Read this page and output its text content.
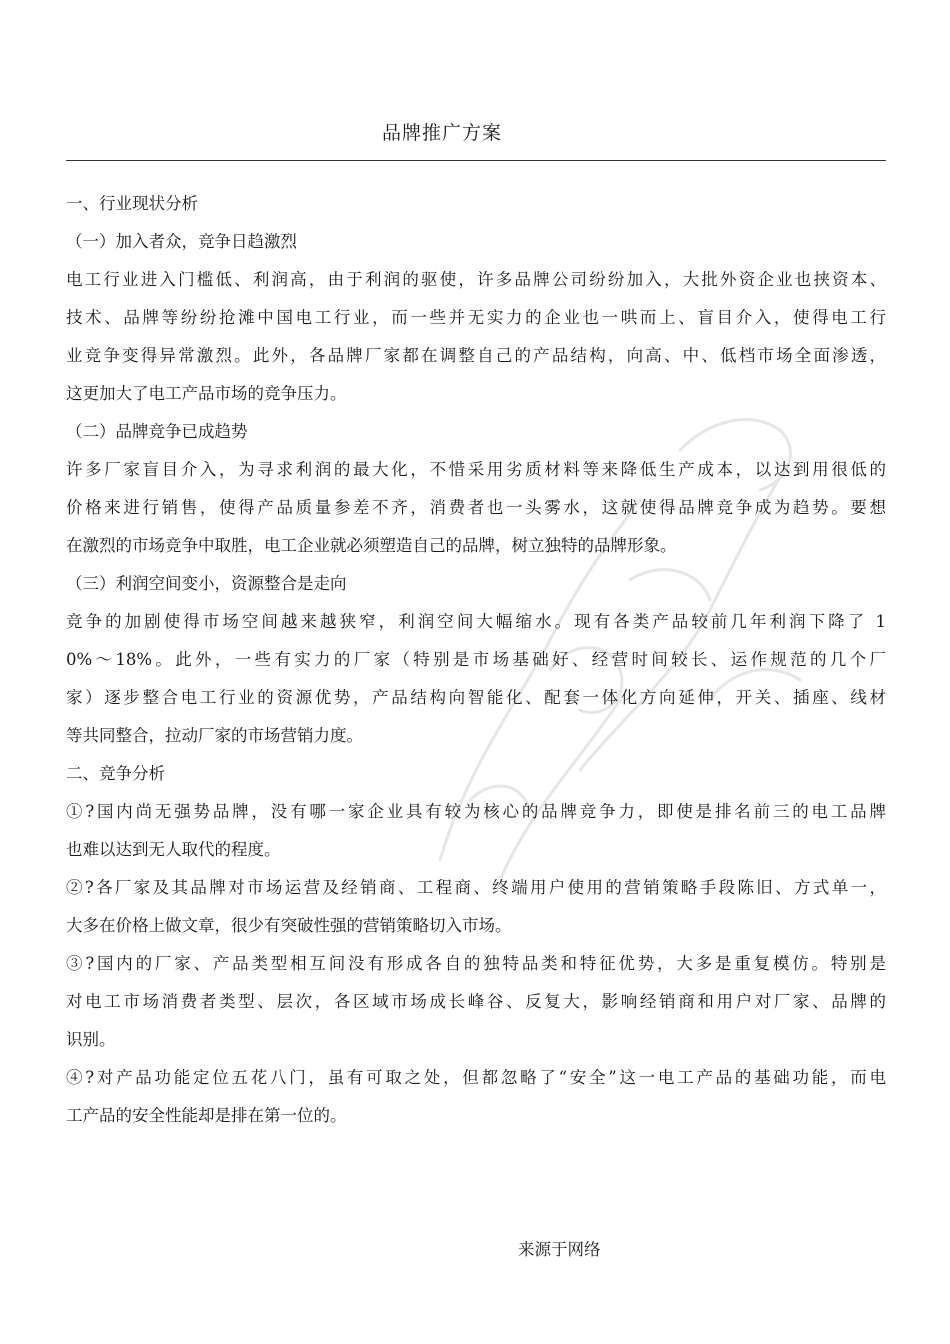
品牌推广方案
一、行业现状分析
（一）加入者众，竞争日趋激烈
电工行业进入门槛低、利润高，由于利润的驱使，许多品牌公司纷纷加入，大批外资企业也挟资本、
技术、品牌等纷纷抢滩中国电工行业，而一些并无实力的企业也一哄而上、盲目介入，使得电工行
业竞争变得异常激烈。此外，各品牌厂家都在调整自己的产品结构，向高、中、低档市场全面渗透，
这更加大了电工产品市场的竞争压力。
（二）品牌竞争已成趋势
许多厂家盲目介入，为寻求利润的最大化，不惜采用劣质材料等来降低生产成本，以达到用很低的
价格来进行销售，使得产品质量参差不齐，消费者也一头雾水，这就使得品牌竞争成为趋势。要想
在激烈的市场竞争中取胜，电工企业就必须塑造自己的品牌，树立独特的品牌形象。
（三）利润空间变小，资源整合是走向
竞争的加剧使得市场空间越来越狭窄，利润空间大幅缩水。现有各类产品较前几年利润下降了 1
0%～18%。此外，一些有实力的厂家（特别是市场基础好、经营时间较长、运作规范的几个厂
家）逐步整合电工行业的资源优势，产品结构向智能化、配套一体化方向延伸，开关、插座、线材
等共同整合，拉动厂家的市场营销力度。
二、竞争分析
①?国内尚无强势品牌，没有哪一家企业具有较为核心的品牌竞争力，即使是排名前三的电工品牌
也难以达到无人取代的程度。
②?各厂家及其品牌对市场运营及经销商、工程商、终端用户使用的营销策略手段陈旧、方式单一，
大多在价格上做文章，很少有突破性强的营销策略切入市场。
③?国内的厂家、产品类型相互间没有形成各自的独特品类和特征优势，大多是重复模仿。特别是
对电工市场消费者类型、层次，各区域市场成长峰谷、反复大，影响经销商和用户对厂家、品牌的
识别。
④?对产品功能定位五花八门，虽有可取之处，但都忽略了“安全”这一电工产品的基础功能，而电
工产品的安全性能却是排在第一位的。
来源于网络
